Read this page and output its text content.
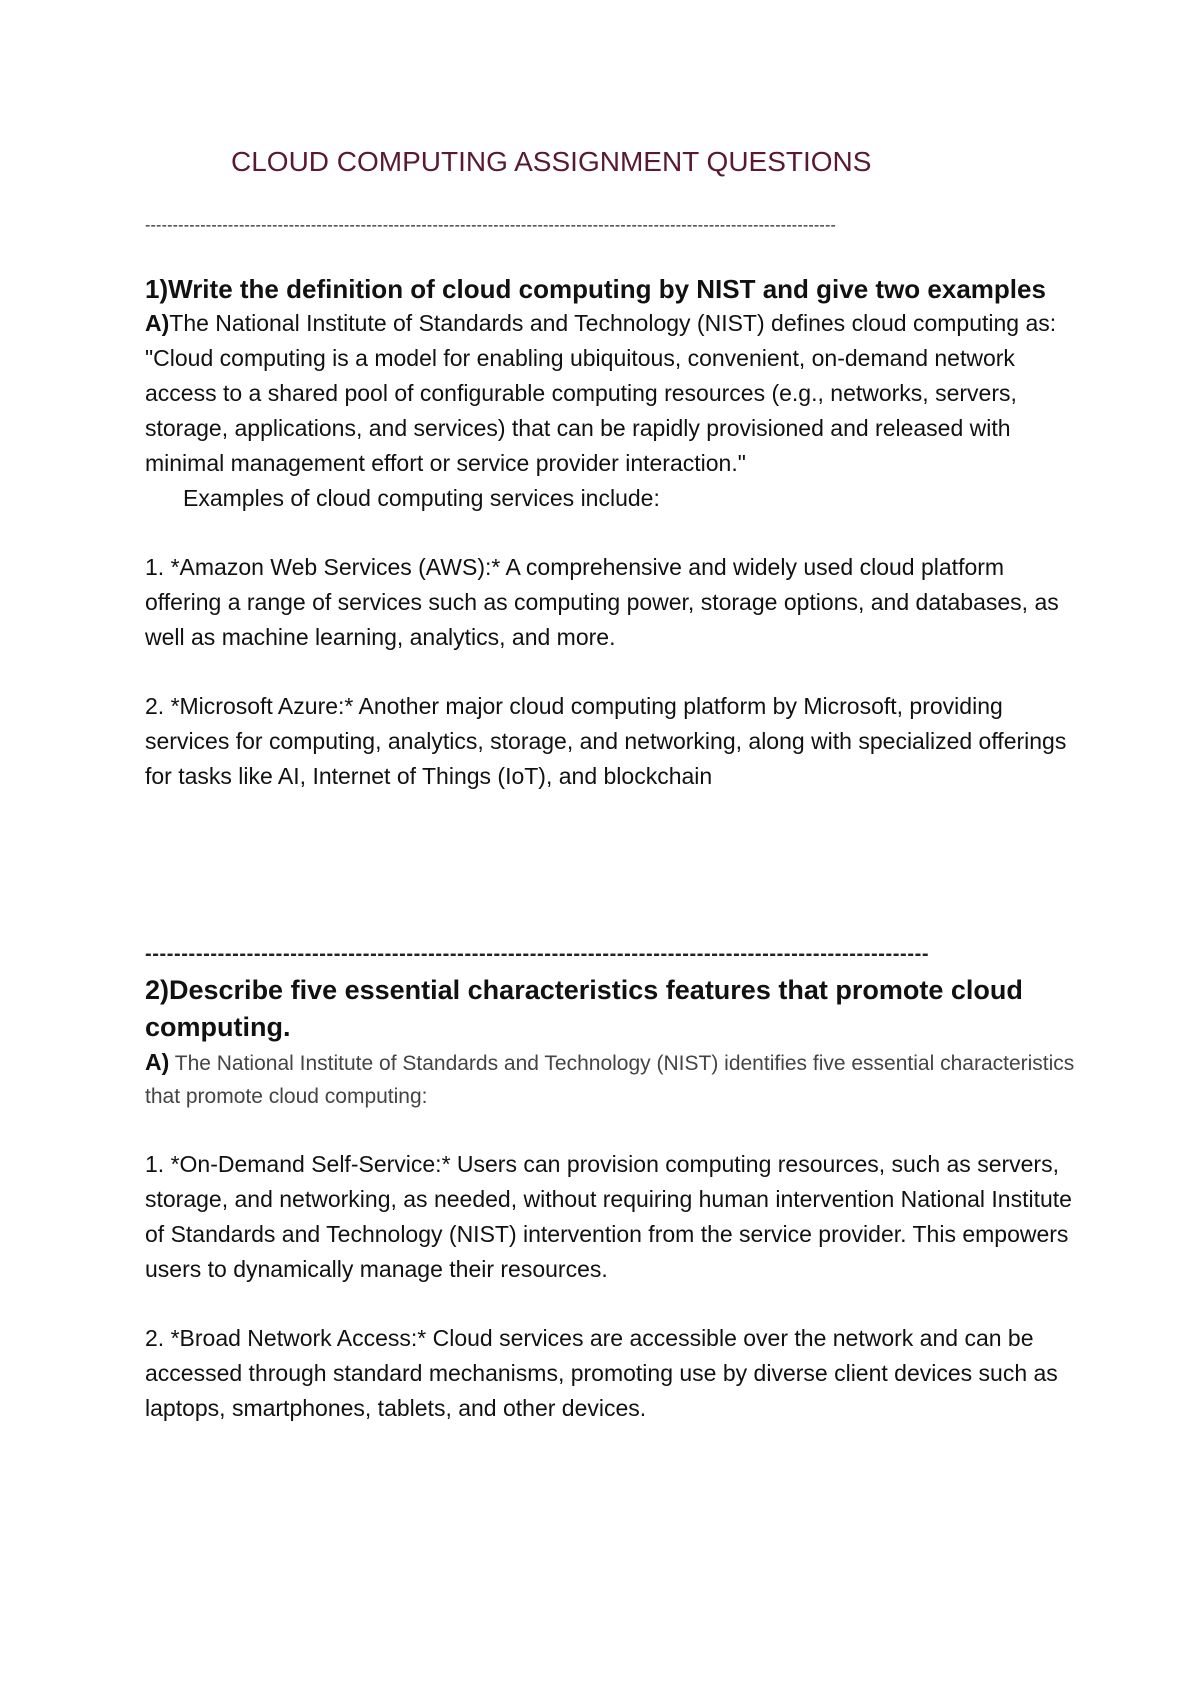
CLOUD COMPUTING ASSIGNMENT QUESTIONS
-----------------------------------------------------------------------------------------------------------------------------

1)Write the definition of cloud computing by NIST and give two examples

A)The National Institute of Standards and Technology (NIST) defines cloud computing as:

"Cloud computing is a model for enabling ubiquitous, convenient, on-demand network access to a shared pool of configurable computing resources (e.g., networks, servers, storage, applications, and services) that can be rapidly provisioned and released with minimal management effort or service provider interaction."

Examples of cloud computing services include:

1. *Amazon Web Services (AWS):* A comprehensive and widely used cloud platform offering a range of services such as computing power, storage options, and databases, as well as machine learning, analytics, and more.

2. *Microsoft Azure:* Another major cloud computing platform by Microsoft, providing services for computing, analytics, storage, and networking, along with specialized offerings for tasks like AI, Internet of Things (IoT), and blockchain

------------------------------------------------------------------------------------------------------------

2)Describe five essential characteristics features that promote cloud computing.

A) The National Institute of Standards and Technology (NIST) identifies five essential characteristics that promote cloud computing:

1. *On-Demand Self-Service:* Users can provision computing resources, such as servers, storage, and networking, as needed, without requiring human intervention National Institute of Standards and Technology (NIST) intervention from the service provider. This empowers users to dynamically manage their resources.

2. *Broad Network Access:* Cloud services are accessible over the network and can be accessed through standard mechanisms, promoting use by diverse client devices such as laptops, smartphones, tablets, and other devices.
